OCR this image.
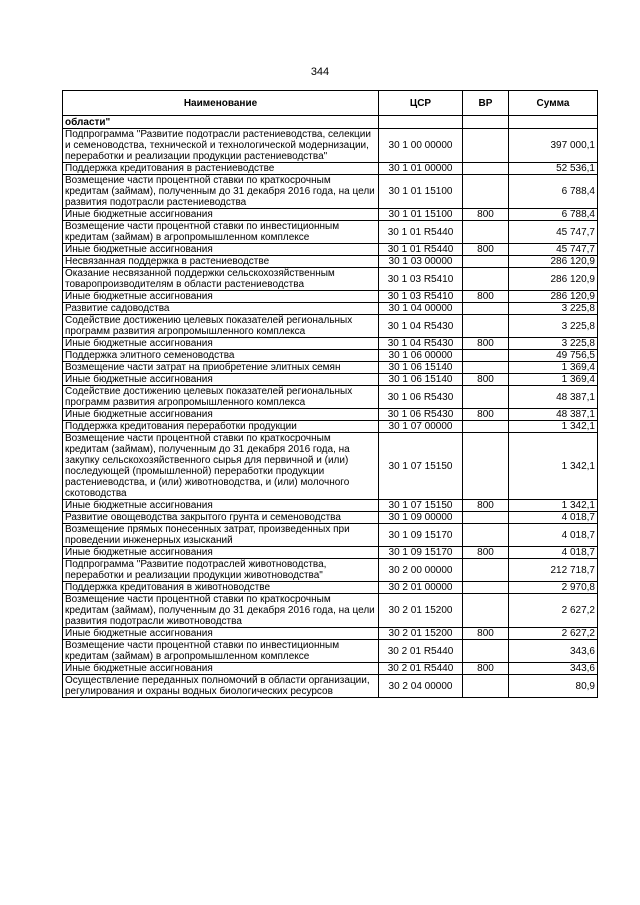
344
Наименование	ЦСР	ВР	Сумма
области"			
Подпрограмма "Развитие подотрасли растениеводства, селекции и семеноводства, технической и технологической модернизации, переработки и реализации продукции растениеводства"	30 1 00 00000		397 000,1
Поддержка кредитования в растениеводстве	30 1 01 00000		52 536,1
Возмещение части процентной ставки по краткосрочным кредитам (займам), полученным до 31 декабря 2016 года, на цели развития подотрасли растениеводства	30 1 01 15100		6 788,4
Иные бюджетные ассигнования	30 1 01 15100	800	6 788,4
Возмещение части процентной ставки по инвестиционным кредитам (займам) в агропромышленном комплексе	30 1 01 R5440		45 747,7
Иные бюджетные ассигнования	30 1 01 R5440	800	45 747,7
Несвязанная поддержка в растениеводстве	30 1 03 00000		286 120,9
Оказание несвязанной поддержки сельскохозяйственным товаропроизводителям в области растениеводства	30 1 03 R5410		286 120,9
Иные бюджетные ассигнования	30 1 03 R5410	800	286 120,9
Развитие садоводства	30 1 04 00000		3 225,8
Содействие достижению целевых показателей региональных программ развития агропромышленного комплекса	30 1 04 R5430		3 225,8
Иные бюджетные ассигнования	30 1 04 R5430	800	3 225,8
Поддержка элитного семеноводства	30 1 06 00000		49 756,5
Возмещение части затрат на приобретение элитных семян	30 1 06 15140		1 369,4
Иные бюджетные ассигнования	30 1 06 15140	800	1 369,4
Содействие достижению целевых показателей региональных программ развития агропромышленного комплекса	30 1 06 R5430		48 387,1
Иные бюджетные ассигнования	30 1 06 R5430	800	48 387,1
Поддержка кредитования переработки продукции	30 1 07 00000		1 342,1
Возмещение части процентной ставки по краткосрочным кредитам (займам), полученным до 31 декабря 2016 года, на закупку сельскохозяйственного сырья для первичной и (или) последующей (промышленной) переработки продукции растениеводства, и (или) животноводства, и (или) молочного скотоводства	30 1 07 15150		1 342,1
Иные бюджетные ассигнования	30 1 07 15150	800	1 342,1
Развитие овощеводства закрытого грунта и семеноводства	30 1 09 00000		4 018,7
Возмещение прямых понесенных затрат, произведенных при проведении инженерных изысканий	30 1 09 15170		4 018,7
Иные бюджетные ассигнования	30 1 09 15170	800	4 018,7
Подпрограмма "Развитие подотраслей животноводства, переработки и реализации продукции животноводства"	30 2 00 00000		212 718,7
Поддержка кредитования в животноводстве	30 2 01 00000		2 970,8
Возмещение части процентной ставки по краткосрочным кредитам (займам), полученным до 31 декабря 2016 года, на цели развития подотрасли животноводства	30 2 01 15200		2 627,2
Иные бюджетные ассигнования	30 2 01 15200	800	2 627,2
Возмещение части процентной ставки по инвестиционным кредитам (займам) в агропромышленном комплексе	30 2 01 R5440		343,6
Иные бюджетные ассигнования	30 2 01 R5440	800	343,6
Осуществление переданных полномочий в области организации, регулирования и охраны водных биологических ресурсов	30 2 04 00000		80,9
